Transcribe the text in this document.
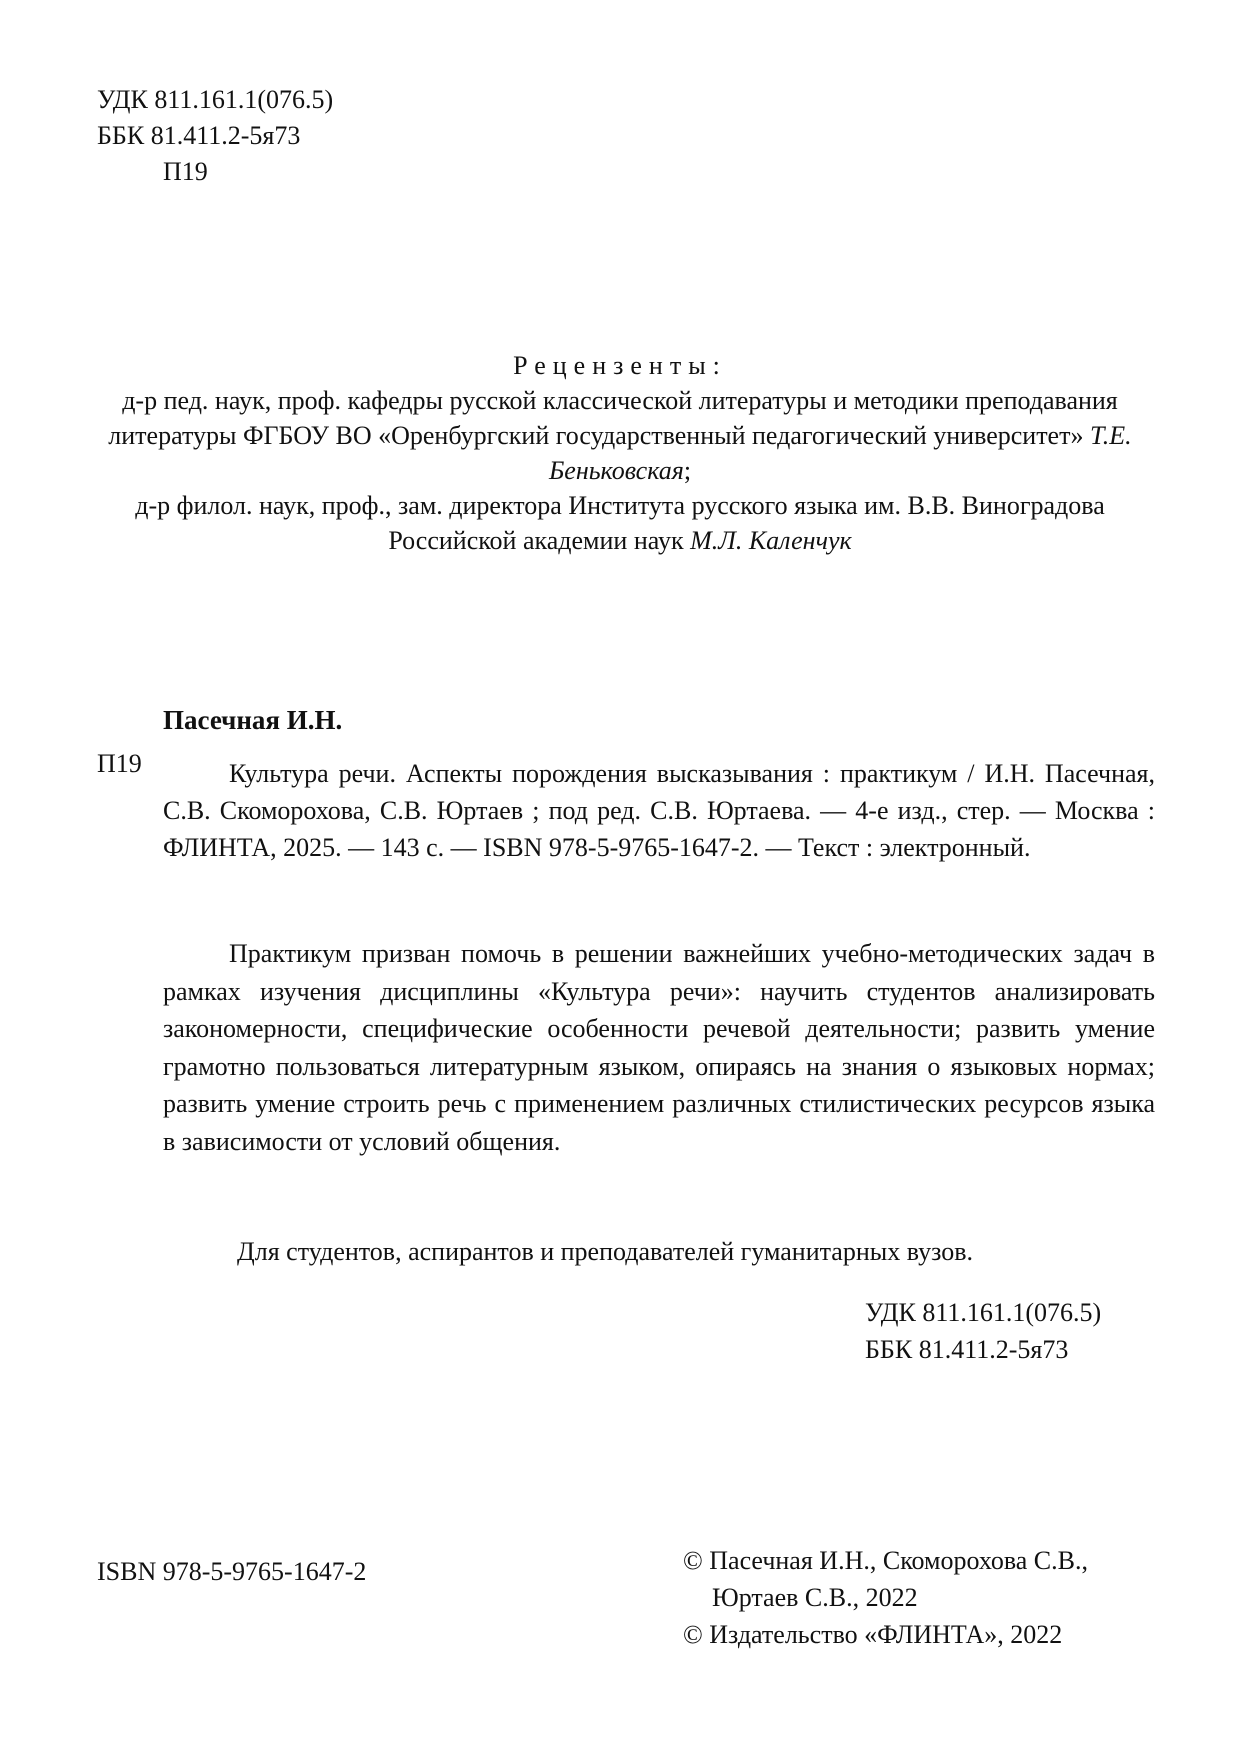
УДК 811.161.1(076.5)
ББК 81.411.2-5я73
П19
Рецензенты:
д-р пед. наук, проф. кафедры русской классической литературы и методики преподавания литературы ФГБОУ ВО «Оренбургский государственный педагогический университет» Т.Е. Беньковская;
д-р филол. наук, проф., зам. директора Института русского языка им. В.В. Виноградова Российской академии наук М.Л. Каленчук
Пасечная И.Н.
П19	Культура речи. Аспекты порождения высказывания : практикум / И.Н. Пасечная, С.В. Скоморохова, С.В. Юртаев ; под ред. С.В. Юртаева. — 4-е изд., стер. — Москва : ФЛИНТА, 2025. — 143 с. — ISBN 978-5-9765-1647-2. — Текст : электронный.

Практикум призван помочь в решении важнейших учебно-методических задач в рамках изучения дисциплины «Культура речи»: научить студентов анализировать закономерности, специфические особенности речевой деятельности; развить умение грамотно пользоваться литературным языком, опираясь на знания о языковых нормах; развить умение строить речь с применением различных стилистических ресурсов языка в зависимости от условий общения.

Для студентов, аспирантов и преподавателей гуманитарных вузов.
УДК 811.161.1(076.5)
ББК 81.411.2-5я73
ISBN 978-5-9765-1647-2	© Пасечная И.Н., Скоморохова С.В.,
Юртаев С.В., 2022
© Издательство «ФЛИНТА», 2022
